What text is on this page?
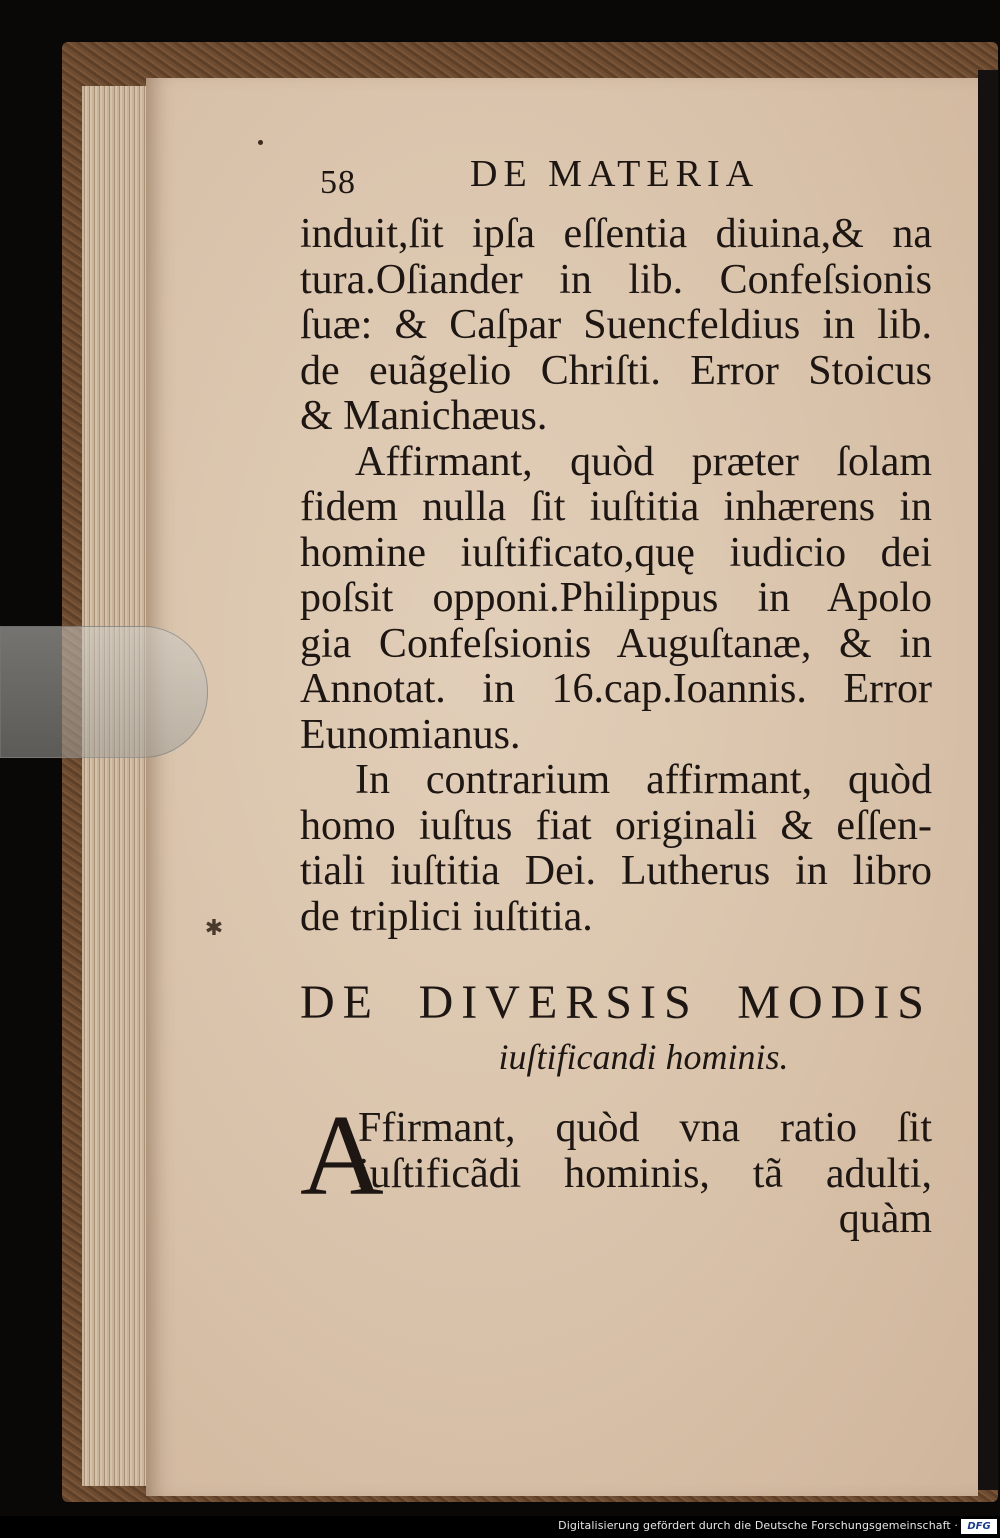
✱
58	DE MATERIA
induit,ſit ipſa eſſentia diuina,& na
tura.Oſiander in lib. Confeſsionis
ſuæ: & Caſpar Suencfeldius in lib.
de euãgelio Chriſti. Error Stoicus
& Manichæus.
Affirmant, quòd præter ſolam
fidem nulla ſit iuſtitia inhærens in
homine iuſtificato,quę iudicio dei
poſsit opponi.Philippus in Apolo
gia Confeſsionis Auguſtanæ, & in
Annotat. in 16.cap.Ioannis. Error
Eunomianus.
In contrarium affirmant, quòd
homo iuſtus fiat originali & eſſen-
tiali iuſtitia Dei. Lutherus in libro
de triplici iuſtitia.
DE DIVERSIS MODIS
iuſtificandi hominis.
A
Ffirmant, quòd vna ratio ſit
iuſtificãdi hominis, tã adulti,
quàm
Digitalisierung gefördert durch die Deutsche Forschungsgemeinschaft · DFG
